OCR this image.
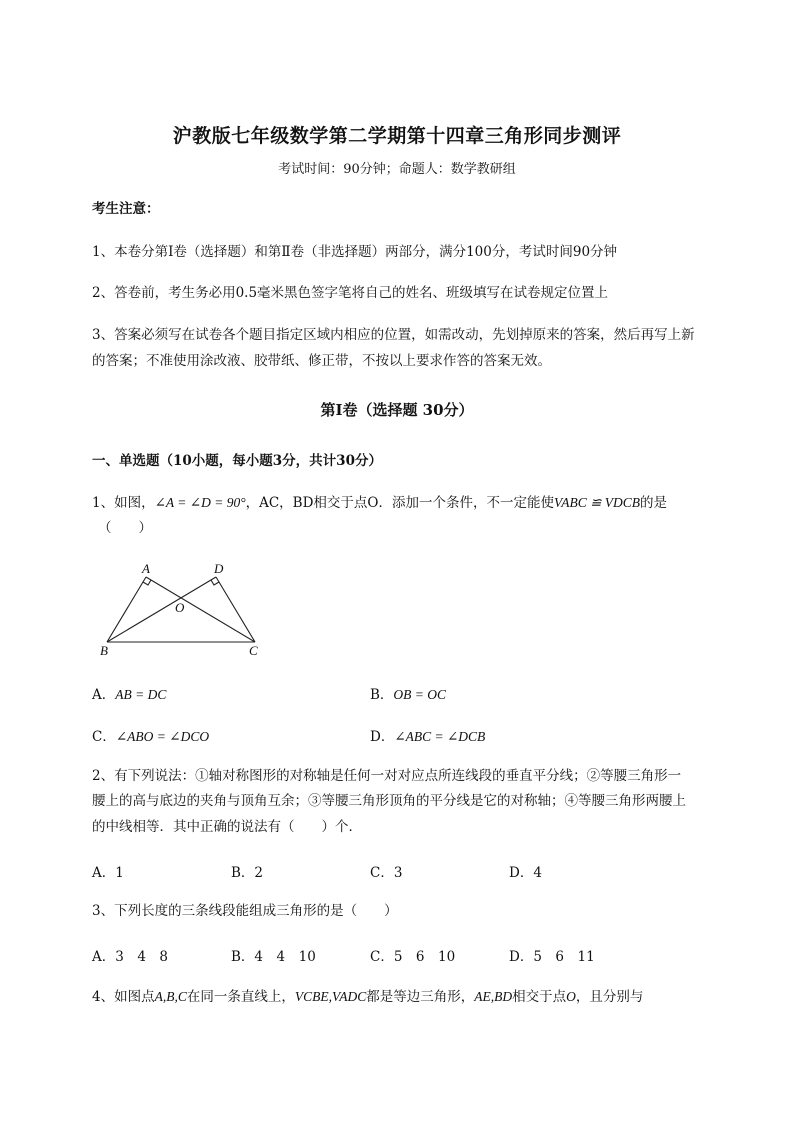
沪教版七年级数学第二学期第十四章三角形同步测评
考试时间：90分钟；命题人：数学教研组
考生注意：
1、本卷分第I卷（选择题）和第Ⅱ卷（非选择题）两部分，满分100分，考试时间90分钟
2、答卷前，考生务必用0.5毫米黑色签字笔将自己的姓名、班级填写在试卷规定位置上
3、答案必须写在试卷各个题目指定区域内相应的位置，如需改动，先划掉原来的答案，然后再写上新
的答案；不准使用涂改液、胶带纸、修正带，不按以上要求作答的答案无效。
第I卷（选择题 30分）
一、单选题（10小题，每小题3分，共计30分）
1、如图，∠A = ∠D = 90°，AC，BD相交于点O．添加一个条件，不一定能使VABC ≌ VDCB的是
（　　）
A	D
O
B	C
A．AB = DC	B．OB = OC
C．∠ABO = ∠DCO	D．∠ABC = ∠DCB
2、有下列说法：①轴对称图形的对称轴是任何一对对应点所连线段的垂直平分线；②等腰三角形一
腰上的高与底边的夹角与顶角互余；③等腰三角形顶角的平分线是它的对称轴；④等腰三角形两腰上
的中线相等．其中正确的说法有（　　）个．
A．1	B．2	C．3	D．4
3、下列长度的三条线段能组成三角形的是（　　）
A．3　4　8	B．4　4　10	C．5　6　10	D．5　6　11
4、如图点A,B,C在同一条直线上，VCBE,VADC都是等边三角形，AE,BD相交于点O，且分别与
